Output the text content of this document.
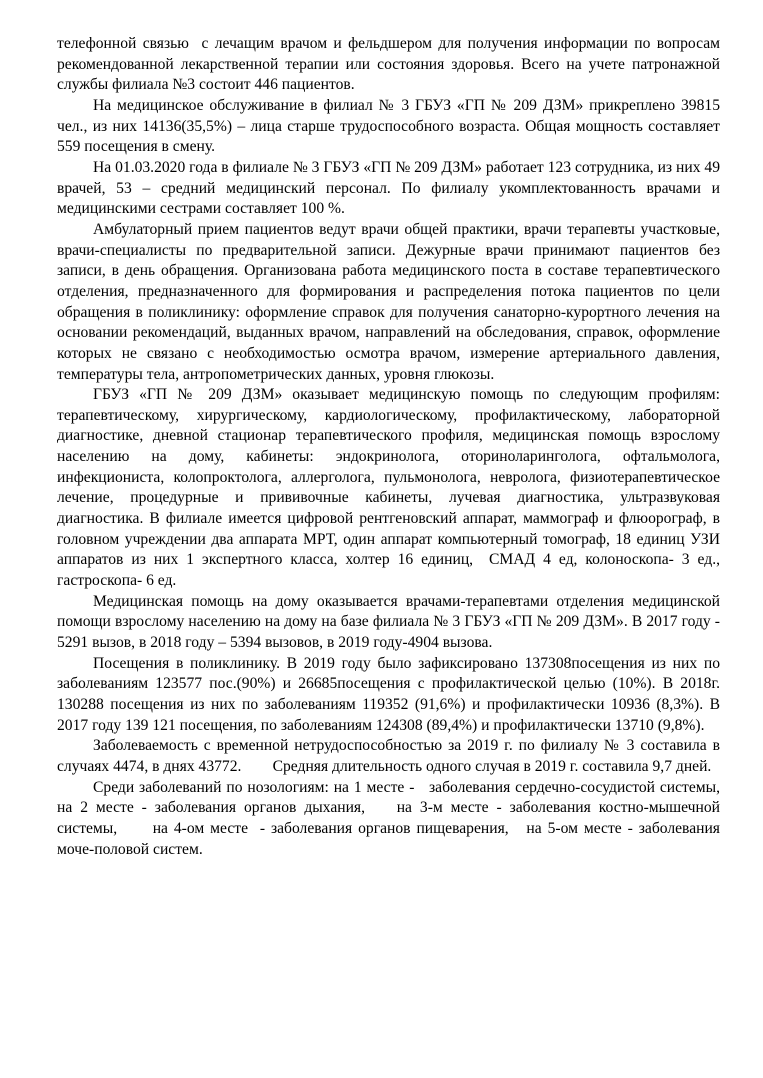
телефонной связью  с лечащим врачом и фельдшером для получения информации по вопросам рекомендованной лекарственной терапии или состояния здоровья. Всего на учете патронажной службы филиала №3 состоит 446 пациентов.

На медицинское обслуживание в филиал № 3 ГБУЗ «ГП № 209 ДЗМ» прикреплено 39815 чел., из них 14136(35,5%) – лица старше трудоспособного возраста. Общая мощность составляет 559 посещения в смену.

На 01.03.2020 года в филиале № 3 ГБУЗ «ГП № 209 ДЗМ» работает 123 сотрудника, из них 49 врачей, 53 – средний медицинский персонал. По филиалу укомплектованность врачами и медицинскими сестрами составляет 100 %.

Амбулаторный прием пациентов ведут врачи общей практики, врачи терапевты участковые, врачи-специалисты по предварительной записи. Дежурные врачи принимают пациентов без записи, в день обращения. Организована работа медицинского поста в составе терапевтического отделения, предназначенного для формирования и распределения потока пациентов по цели обращения в поликлинику: оформление справок для получения санаторно-курортного лечения на основании рекомендаций, выданных врачом, направлений на обследования, справок, оформление которых не связано с необходимостью осмотра врачом, измерение артериального давления, температуры тела, антропометрических данных, уровня глюкозы.

ГБУЗ «ГП № 209 ДЗМ» оказывает медицинскую помощь по следующим профилям: терапевтическому, хирургическому, кардиологическому, профилактическому, лабораторной диагностике, дневной стационар терапевтического профиля, медицинская помощь взрослому населению на дому, кабинеты: эндокринолога, оториноларинголога, офтальмолога, инфекциониста, колопроктолога, аллерголога, пульмонолога, невролога, физиотерапевтическое лечение, процедурные и прививочные кабинеты, лучевая диагностика, ультразвуковая диагностика. В филиале имеется цифровой рентгеновский аппарат, маммограф и флюорограф, в головном учреждении два аппарата МРТ, один аппарат компьютерный томограф, 18 единиц УЗИ аппаратов из них 1 экспертного класса, холтер 16 единиц,  СМАД 4 ед, колоноскопа- 3 ед., гастроскопа- 6 ед.

Медицинская помощь на дому оказывается врачами-терапевтами отделения медицинской помощи взрослому населению на дому на базе филиала № 3 ГБУЗ «ГП № 209 ДЗМ». В 2017 году - 5291 вызов, в 2018 году – 5394 вызовов, в 2019 году-4904 вызова.

Посещения в поликлинику. В 2019 году было зафиксировано 137308посещения из них по заболеваниям 123577 пос.(90%) и 26685посещения с профилактической целью (10%). В 2018г. 130288 посещения из них по заболеваниям 119352 (91,6%) и профилактически 10936 (8,3%). В 2017 году 139 121 посещения, по заболеваниям 124308 (89,4%) и профилактически 13710 (9,8%).

Заболеваемость с временной нетрудоспособностью за 2019 г. по филиалу № 3 составила в случаях 4474, в днях 43772.        Средняя длительность одного случая в 2019 г. составила 9,7 дней.

Среди заболеваний по нозологиям: на 1 месте -   заболевания сердечно-сосудистой системы,  на 2 месте - заболевания органов дыхания,    на 3-м месте - заболевания костно-мышечной системы,      на 4-ом месте  - заболевания органов пищеварения,   на 5-ом месте - заболевания моче-половой систем.
